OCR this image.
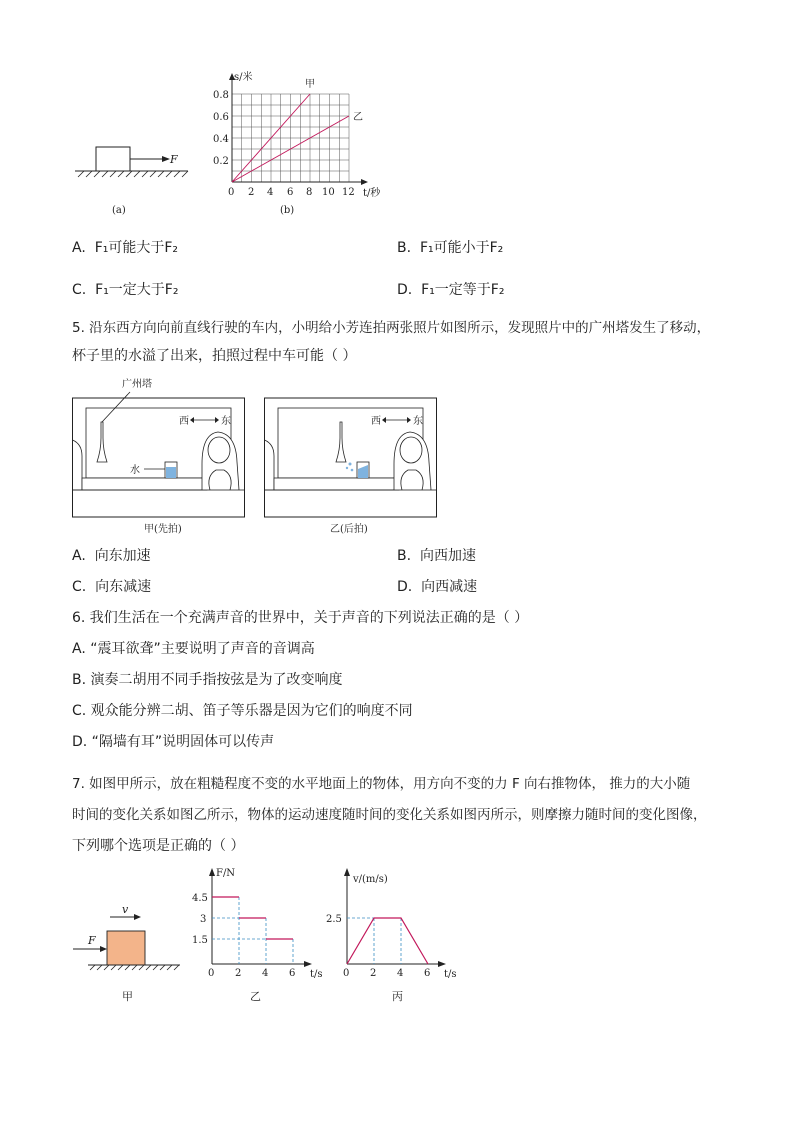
F
(a)
s/米
t/秒
0.8
0.6
0.4
0.2
0 2 4 6 8 10 12
甲
乙
(b)
A. F₁可能大于F₂	B. F₁可能小于F₂
C. F₁一定大于F₂	D. F₁一定等于F₂
5. 沿东西方向向前直线行驶的车内，小明给小芳连拍两张照片如图所示，发现照片中的广州塔发生了移动，
杯子里的水溢了出来，拍照过程中车可能（ ）
广州塔
西	东
水
甲(先拍)
西	东
乙(后拍)
A. 向东加速	B. 向西加速
C. 向东减速	D. 向西减速
6. 我们生活在一个充满声音的世界中，关于声音的下列说法正确的是（ ）
A. “震耳欲聋”主要说明了声音的音调高
B. 演奏二胡用不同手指按弦是为了改变响度
C. 观众能分辨二胡、笛子等乐器是因为它们的响度不同
D. “隔墙有耳”说明固体可以传声
7. 如图甲所示，放在粗糙程度不变的水平地面上的物体，用方向不变的力 F 向右推物体， 推力的大小随
时间的变化关系如图乙所示，物体的运动速度随时间的变化关系如图丙所示，则摩擦力随时间的变化图像，
下列哪个选项是正确的（ ）
v
F
甲
F/N
t/s
4.5
3
1.5
0 2 4 6
乙
v/(m/s)
t/s
2.5
0 2 4 6
丙
